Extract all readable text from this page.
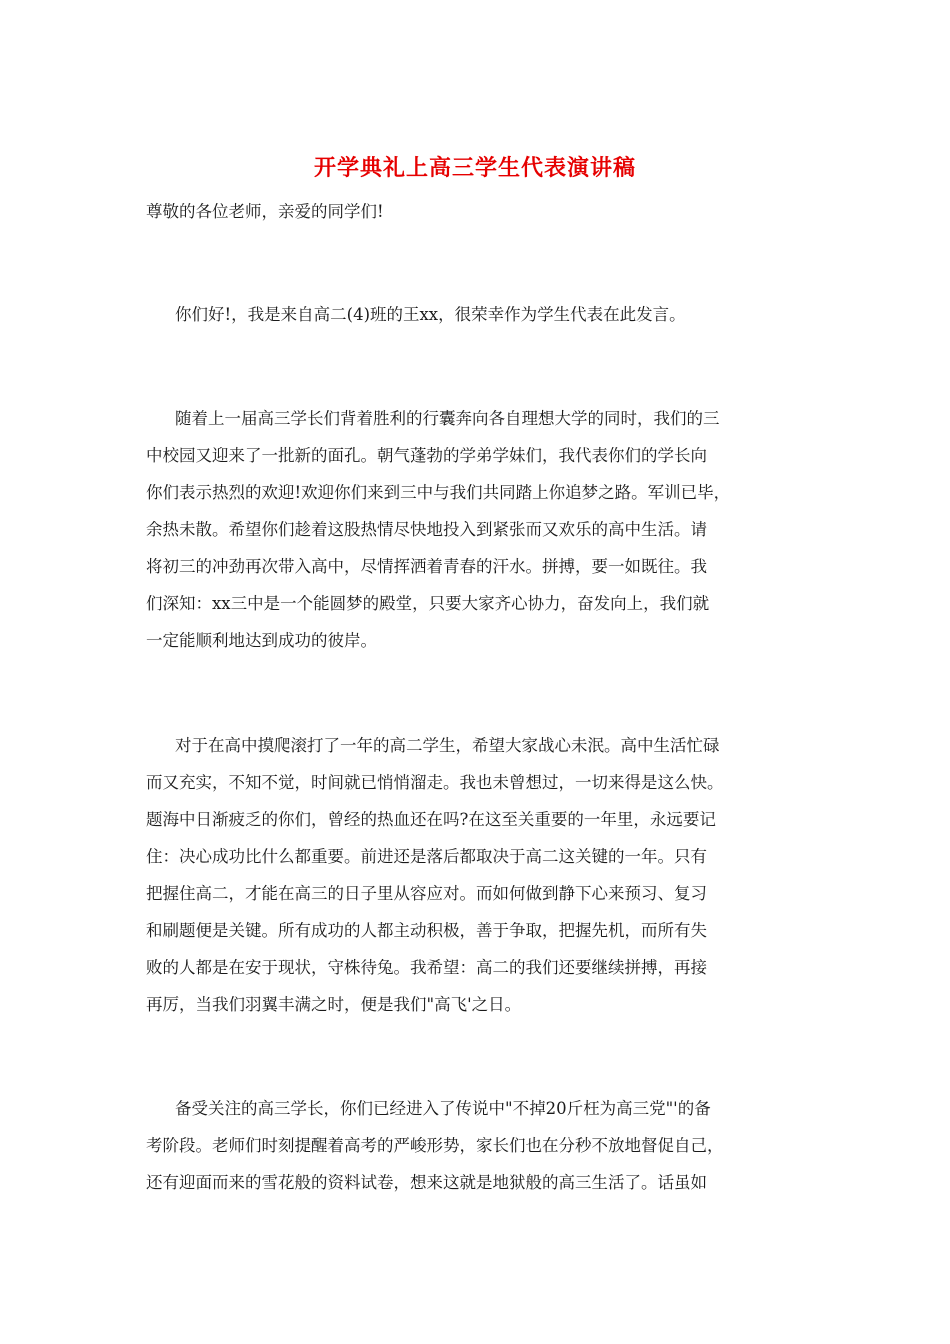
开学典礼上高三学生代表演讲稿
尊敬的各位老师，亲爱的同学们!
你们好!，我是来自高二(4)班的王xx，很荣幸作为学生代表在此发言。
随着上一届高三学长们背着胜利的行囊奔向各自理想大学的同时，我们的三
中校园又迎来了一批新的面孔。朝气蓬勃的学弟学妹们，我代表你们的学长向
你们表示热烈的欢迎!欢迎你们来到三中与我们共同踏上你追梦之路。军训已毕，
余热未散。希望你们趁着这股热情尽快地投入到紧张而又欢乐的高中生活。请
将初三的冲劲再次带入高中，尽情挥洒着青春的汗水。拼搏，要一如既往。我
们深知：xx三中是一个能圆梦的殿堂，只要大家齐心协力，奋发向上，我们就
一定能顺利地达到成功的彼岸。
对于在高中摸爬滚打了一年的高二学生，希望大家战心未泯。高中生活忙碌
而又充实，不知不觉，时间就已悄悄溜走。我也未曾想过，一切来得是这么快。
题海中日渐疲乏的你们，曾经的热血还在吗?在这至关重要的一年里，永远要记
住：决心成功比什么都重要。前进还是落后都取决于高二这关键的一年。只有
把握住高二，才能在高三的日子里从容应对。而如何做到静下心来预习、复习
和刷题便是关键。所有成功的人都主动积极，善于争取，把握先机，而所有失
败的人都是在安于现状，守株待兔。我希望：高二的我们还要继续拼搏，再接
再厉，当我们羽翼丰满之时，便是我们"高飞'之日。
备受关注的高三学长，你们已经进入了传说中"不掉20斤枉为高三党"'的备
考阶段。老师们时刻提醒着高考的严峻形势，家长们也在分秒不放地督促自己，
还有迎面而来的雪花般的资料试卷，想来这就是地狱般的高三生活了。话虽如
